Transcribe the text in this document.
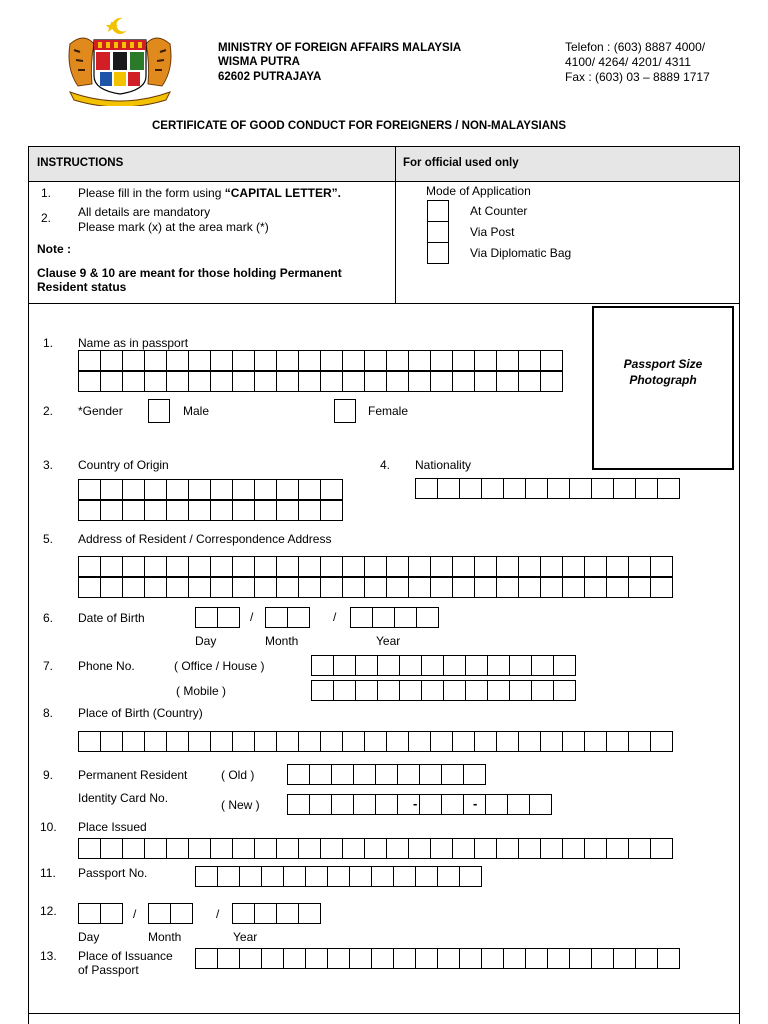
MINISTRY OF FOREIGN AFFAIRS MALAYSIA
WISMA PUTRA
62602 PUTRAJAYA
Telefon : (603) 8887 4000/
4100/ 4264/ 4201/ 4311
Fax : (603) 03 – 8889 1717
CERTIFICATE OF GOOD CONDUCT FOR FOREIGNERS / NON-MALAYSIANS
INSTRUCTIONS	For official used only
1. Please fill in the form using “CAPITAL LETTER”.
2. All details are mandatory
Please mark (x) at the area mark (*)
Note :
Clause 9 & 10 are meant for those holding Permanent
Resident status
Mode of Application
At Counter
Via Post
Via Diplomatic Bag
Passport Size
Photograph
1. Name as in passport
2. *Gender	Male	Female
3. Country of Origin	4. Nationality
5. Address of Resident / Correspondence Address
6. Date of Birth	/	/
Day	Month	Year
7. Phone No.	( Office / House )
( Mobile )
8. Place of Birth (Country)
9. Permanent Resident
Identity Card No.
( Old )
( New )	-	-
10. Place Issued
11. Passport No.
12.	/	/
Day	Month	Year
13. Place of Issuance
of Passport
